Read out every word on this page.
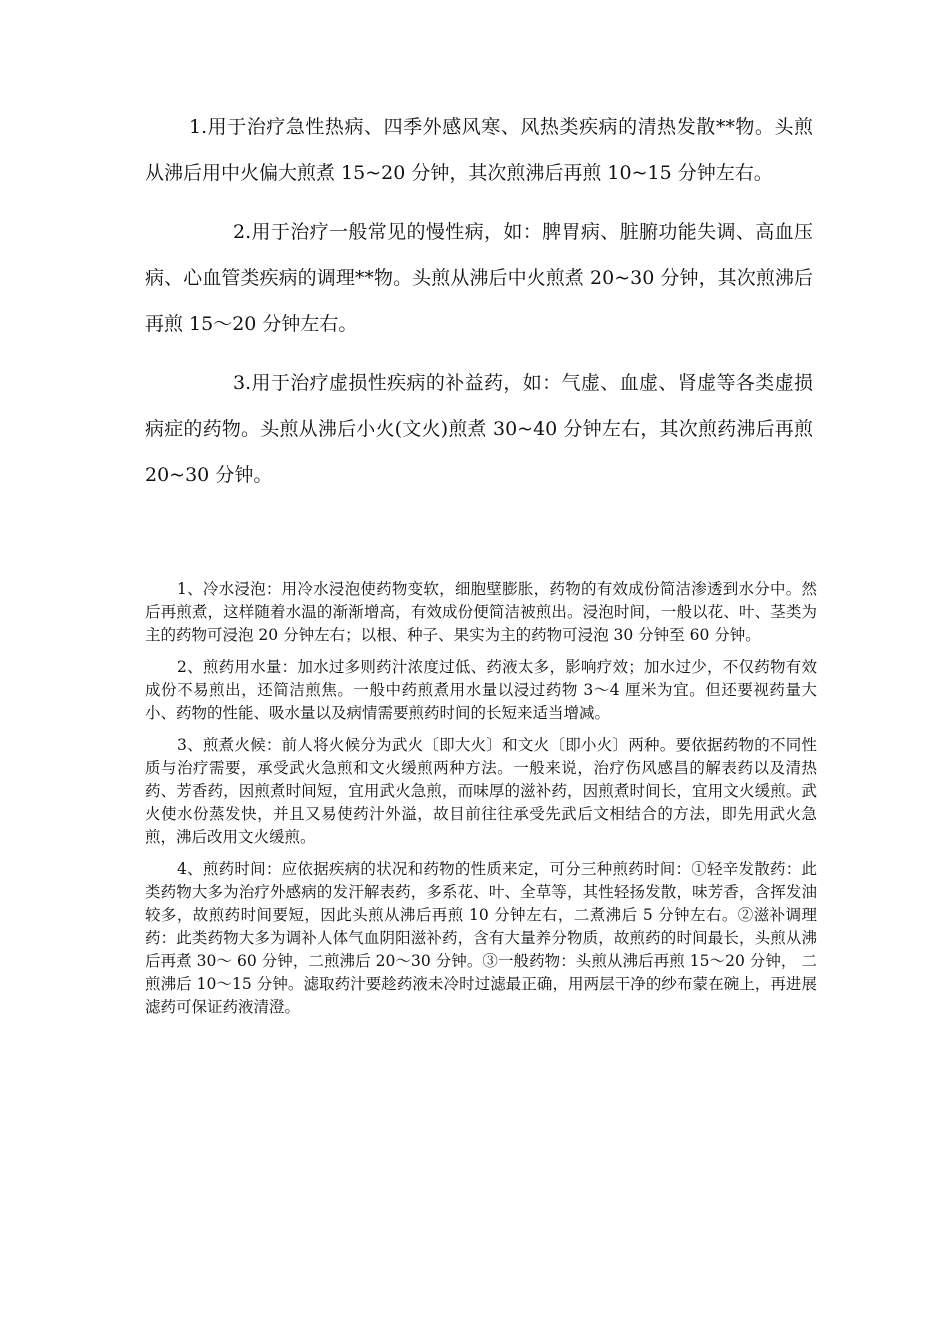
1.用于治疗急性热病、四季外感风寒、风热类疾病的清热发散**物。头煎从沸后用中火偏大煎煮 15~20 分钟，其次煎沸后再煎 10~15 分钟左右。

2.用于治疗一般常见的慢性病，如：脾胃病、脏腑功能失调、高血压病、心血管类疾病的调理**物。头煎从沸后中火煎煮 20~30 分钟，其次煎沸后再煎 15～20 分钟左右。

3.用于治疗虚损性疾病的补益药，如：气虚、血虚、肾虚等各类虚损病症的药物。头煎从沸后小火(文火)煎煮 30~40 分钟左右，其次煎药沸后再煎 20~30 分钟。

1、冷水浸泡：用冷水浸泡使药物变软，细胞壁膨胀，药物的有效成份简洁渗透到水分中。然后再煎煮，这样随着水温的渐渐增高，有效成份便简洁被煎出。浸泡时间，一般以花、叶、茎类为主的药物可浸泡 20 分钟左右；以根、种子、果实为主的药物可浸泡 30 分钟至 60 分钟。

2、煎药用水量：加水过多则药汁浓度过低、药液太多，影响疗效；加水过少，不仅药物有效成份不易煎出，还简洁煎焦。一般中药煎煮用水量以浸过药物 3～4 厘米为宜。但还要视药量大小、药物的性能、吸水量以及病情需要煎药时间的长短来适当增减。

3、煎煮火候：前人将火候分为武火〔即大火〕和文火〔即小火〕两种。要依据药物的不同性质与治疗需要，承受武火急煎和文火缓煎两种方法。一般来说，治疗伤风感昌的解表药以及清热药、芳香药，因煎煮时间短，宜用武火急煎，而味厚的滋补药，因煎煮时间长，宜用文火缓煎。武火使水份蒸发快，并且又易使药汁外溢，故目前往往承受先武后文相结合的方法，即先用武火急煎，沸后改用文火缓煎。

4、煎药时间：应依据疾病的状况和药物的性质来定，可分三种煎药时间：①轻辛发散药：此类药物大多为治疗外感病的发汗解表药，多系花、叶、全草等，其性轻扬发散，味芳香，含挥发油较多，故煎药时间要短，因此头煎从沸后再煎 10 分钟左右，二煮沸后 5 分钟左右。②滋补调理药：此类药物大多为调补人体气血阴阳滋补药，含有大量养分物质，故煎药的时间最长，头煎从沸后再煮 30～ 60 分钟，二煎沸后 20～30 分钟。③一般药物：头煎从沸后再煎 15～20 分钟， 二煎沸后 10～15 分钟。滤取药汁要趁药液未冷时过滤最正确，用两层干净的纱布蒙在碗上，再进展滤药可保证药液清澄。
